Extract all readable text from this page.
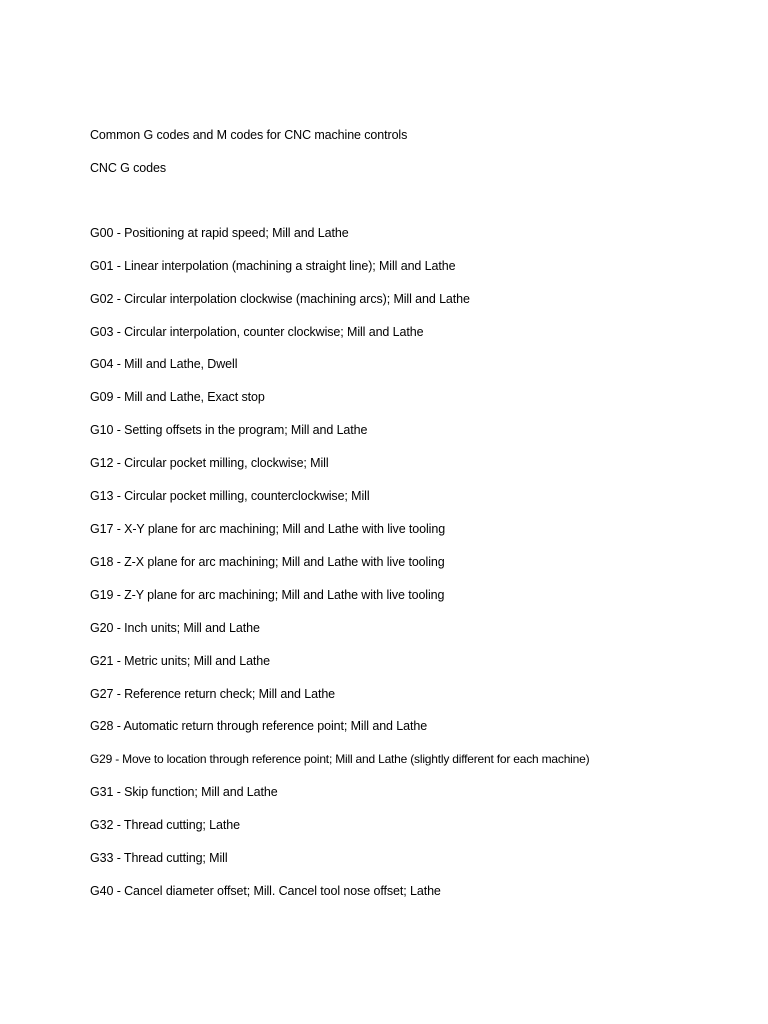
Common G codes and M codes for CNC machine controls
CNC G codes
G00 - Positioning at rapid speed; Mill and Lathe
G01 - Linear interpolation (machining a straight line); Mill and Lathe
G02 - Circular interpolation clockwise (machining arcs); Mill and Lathe
G03 - Circular interpolation, counter clockwise; Mill and Lathe
G04 - Mill and Lathe, Dwell
G09 - Mill and Lathe, Exact stop
G10 - Setting offsets in the program; Mill and Lathe
G12 - Circular pocket milling, clockwise; Mill
G13 - Circular pocket milling, counterclockwise; Mill
G17 - X-Y plane for arc machining; Mill and Lathe with live tooling
G18 - Z-X plane for arc machining; Mill and Lathe with live tooling
G19 - Z-Y plane for arc machining; Mill and Lathe with live tooling
G20 - Inch units; Mill and Lathe
G21 - Metric units; Mill and Lathe
G27 - Reference return check; Mill and Lathe
G28 - Automatic return through reference point; Mill and Lathe
G29 - Move to location through reference point; Mill and Lathe (slightly different for each machine)
G31 - Skip function; Mill and Lathe
G32 - Thread cutting; Lathe
G33 - Thread cutting; Mill
G40 - Cancel diameter offset; Mill. Cancel tool nose offset; Lathe
